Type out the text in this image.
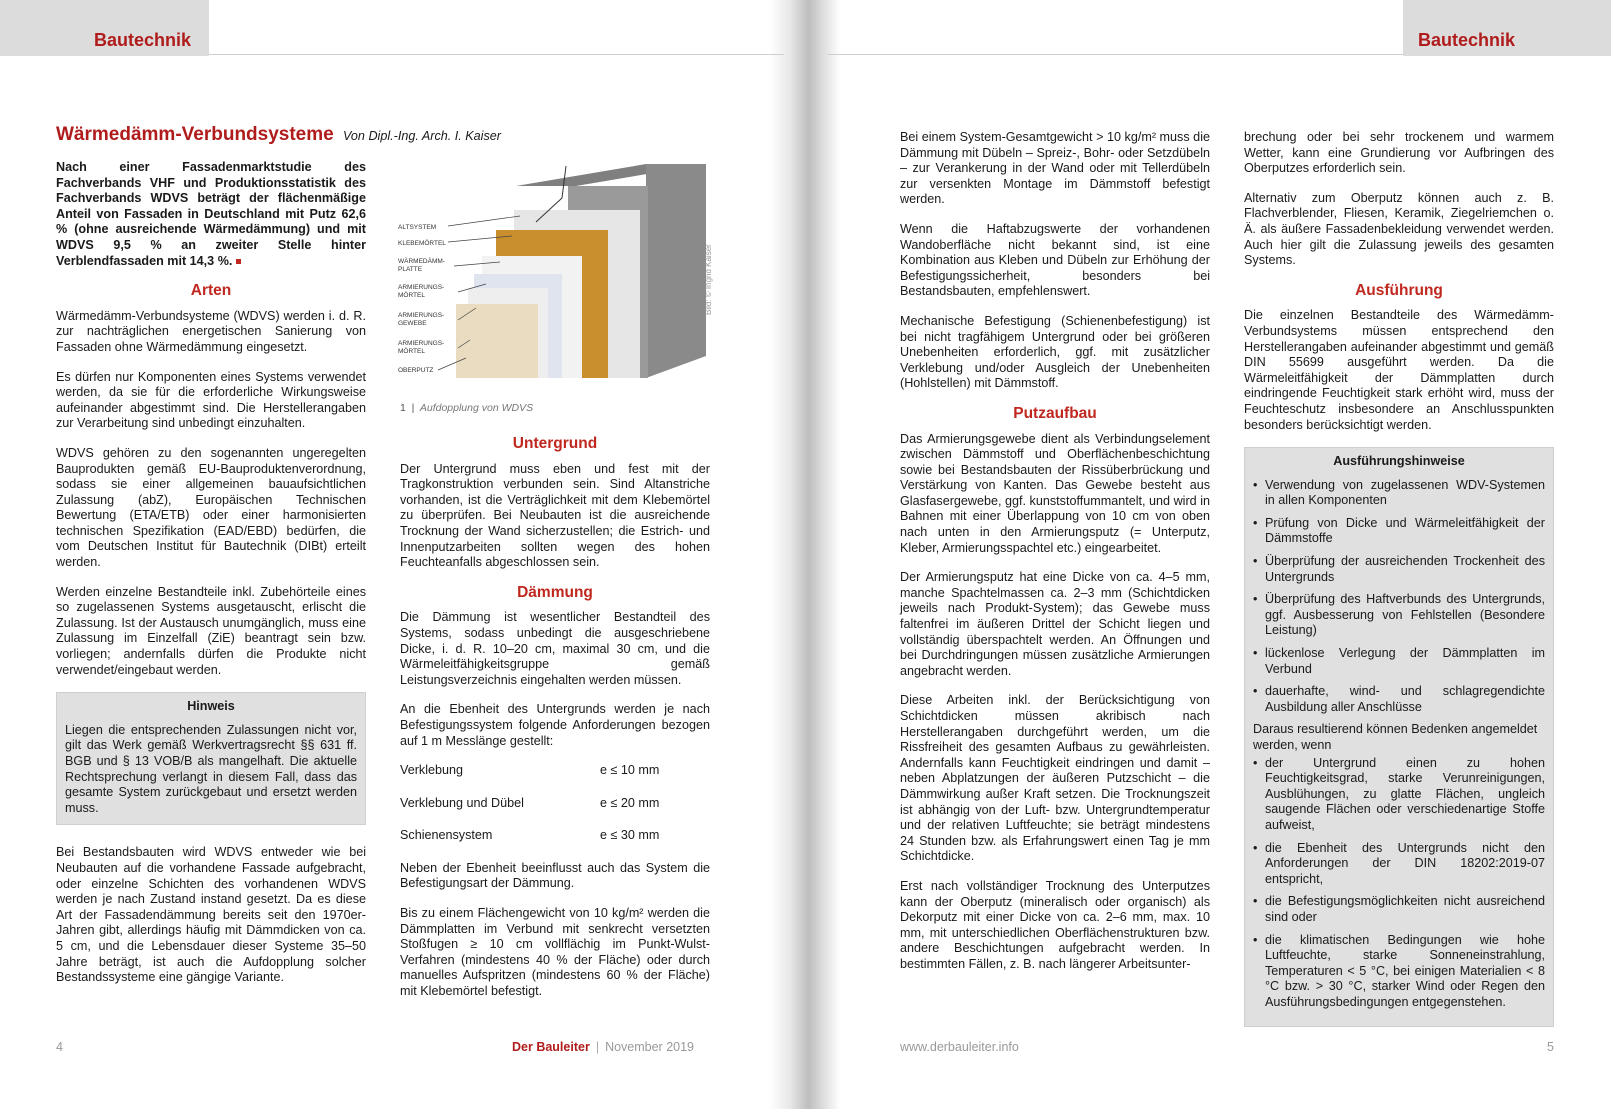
Bautechnik	Bautechnik
Wärmedämm-Verbundsysteme Von Dipl.-Ing. Arch. I. Kaiser

Nach einer Fassadenmarktstudie des Fachverbands VHF und Produktionsstatistik des Fachverbands WDVS beträgt der flächenmäßige Anteil von Fassaden in Deutschland mit Putz 62,6 % (ohne ausreichende Wärmedämmung) und mit WDVS 9,5 % an zweiter Stelle hinter Verblendfassaden mit 14,3 %.

Arten

Wärmedämm-Verbundsysteme (WDVS) werden i. d. R. zur nachträglichen energetischen Sanierung von Fassaden ohne Wärmedämmung eingesetzt.

Es dürfen nur Komponenten eines Systems verwendet werden, da sie für die erforderliche Wirkungsweise aufeinander abgestimmt sind. Die Herstellerangaben zur Verarbeitung sind unbedingt einzuhalten.

WDVS gehören zu den sogenannten ungeregelten Bauprodukten gemäß EU-Bauproduktenverordnung, sodass sie einer allgemeinen bauaufsichtlichen Zulassung (abZ), Europäischen Technischen Bewertung (ETA/ETB) oder einer harmonisierten technischen Spezifikation (EAD/EBD) bedürfen, die vom Deutschen Institut für Bautechnik (DIBt) erteilt werden.

Werden einzelne Bestandteile inkl. Zubehörteile eines so zugelassenen Systems ausgetauscht, erlischt die Zulassung. Ist der Austausch unumgänglich, muss eine Zulassung im Einzelfall (ZiE) beantragt sein bzw. vorliegen; andernfalls dürfen die Produkte nicht verwendet/eingebaut werden.

Hinweis

Liegen die entsprechenden Zulassungen nicht vor, gilt das Werk gemäß Werkvertragsrecht §§ 631 ff. BGB und § 13 VOB/B als mangelhaft. Die aktuelle Rechtsprechung verlangt in diesem Fall, dass das gesamte System zurückgebaut und ersetzt werden muss.

Bei Bestandsbauten wird WDVS entweder wie bei Neubauten auf die vorhandene Fassade aufgebracht, oder einzelne Schichten des vorhandenen WDVS werden je nach Zustand instand gesetzt. Da es diese Art der Fassadendämmung bereits seit den 1970er-Jahren gibt, allerdings häufig mit Dämmdicken von ca. 5 cm, und die Lebensdauer dieser Systeme 35–50 Jahre beträgt, ist auch die Aufdopplung solcher Bestandssysteme eine gängige Variante.

ALTSYSTEM
KLEBEMÖRTEL
WÄRMEDÄMM-
PLATTE
ARMIERUNGS-
MÖRTEL
ARMIERUNGS-
GEWEBE
ARMIERUNGS-
MÖRTEL
OBERPUTZ
Bild: © Ingrid Kaiser
1  |  Aufdopplung von WDVS
Untergrund

Der Untergrund muss eben und fest mit der Tragkonstruktion verbunden sein. Sind Altanstriche vorhanden, ist die Verträglichkeit mit dem Klebemörtel zu überprüfen. Bei Neubauten ist die ausreichende Trocknung der Wand sicherzustellen; die Estrich- und Innenputzarbeiten sollten wegen des hohen Feuchteanfalls abgeschlossen sein.

Dämmung

Die Dämmung ist wesentlicher Bestandteil des Systems, sodass unbedingt die ausgeschriebene Dicke, i. d. R. 10–20 cm, maximal 30 cm, und die Wärmeleitfähigkeitsgruppe gemäß Leistungsverzeichnis eingehalten werden müssen.

An die Ebenheit des Untergrunds werden je nach Befestigungssystem folgende Anforderungen bezogen auf 1 m Messlänge gestellt:

Verklebung	e ≤ 10 mm
Verklebung und Dübel	e ≤ 20 mm
Schienensystem	e ≤ 30 mm

Neben der Ebenheit beeinflusst auch das System die Befestigungsart der Dämmung.

Bis zu einem Flächengewicht von 10 kg/m² werden die Dämmplatten im Verbund mit senkrecht versetzten Stoßfugen ≥ 10 cm vollflächig im Punkt-Wulst-Verfahren (mindestens 40 % der Fläche) oder durch manuelles Aufspritzen (mindestens 60 % der Fläche) mit Klebemörtel befestigt.

Bei einem System-Gesamtgewicht > 10 kg/m² muss die Dämmung mit Dübeln – Spreiz-, Bohr- oder Setzdübeln – zur Verankerung in der Wand oder mit Tellerdübeln zur versenkten Montage im Dämmstoff befestigt werden.

Wenn die Haftabzugswerte der vorhandenen Wandoberfläche nicht bekannt sind, ist eine Kombination aus Kleben und Dübeln zur Erhöhung der Befestigungssicherheit, besonders bei Bestandsbauten, empfehlenswert.

Mechanische Befestigung (Schienenbefestigung) ist bei nicht tragfähigem Untergrund oder bei größeren Unebenheiten erforderlich, ggf. mit zusätzlicher Verklebung und/oder Ausgleich der Unebenheiten (Hohlstellen) mit Dämmstoff.

Putzaufbau

Das Armierungsgewebe dient als Verbindungselement zwischen Dämmstoff und Oberflächenbeschichtung sowie bei Bestandsbauten der Rissüberbrückung und Verstärkung von Kanten. Das Gewebe besteht aus Glasfasergewebe, ggf. kunststoffummantelt, und wird in Bahnen mit einer Überlappung von 10 cm von oben nach unten in den Armierungsputz (= Unterputz, Kleber, Armierungsspachtel etc.) eingearbeitet.

Der Armierungsputz hat eine Dicke von ca. 4–5 mm, manche Spachtelmassen ca. 2–3 mm (Schichtdicken jeweils nach Produkt-System); das Gewebe muss faltenfrei im äußeren Drittel der Schicht liegen und vollständig überspachtelt werden. An Öffnungen und bei Durchdringungen müssen zusätzliche Armierungen angebracht werden.

Diese Arbeiten inkl. der Berücksichtigung von Schichtdicken müssen akribisch nach Herstellerangaben durchgeführt werden, um die Rissfreiheit des gesamten Aufbaus zu gewährleisten. Andernfalls kann Feuchtigkeit eindringen und damit – neben Abplatzungen der äußeren Putzschicht – die Dämmwirkung außer Kraft setzen. Die Trocknungszeit ist abhängig von der Luft- bzw. Untergrundtemperatur und der relativen Luftfeuchte; sie beträgt mindestens 24 Stunden bzw. als Erfahrungswert einen Tag je mm Schichtdicke.

Erst nach vollständiger Trocknung des Unterputzes kann der Oberputz (mineralisch oder organisch) als Dekorputz mit einer Dicke von ca. 2–6 mm, max. 10 mm, mit unterschiedlichen Oberflächenstrukturen bzw. andere Beschichtungen aufgebracht werden. In bestimmten Fällen, z. B. nach längerer Arbeitsunter-

brechung oder bei sehr trockenem und warmem Wetter, kann eine Grundierung vor Aufbringen des Oberputzes erforderlich sein.

Alternativ zum Oberputz können auch z. B. Flachverblender, Fliesen, Keramik, Ziegelriemchen o. Ä. als äußere Fassadenbekleidung verwendet werden. Auch hier gilt die Zulassung jeweils des gesamten Systems.

Ausführung

Die einzelnen Bestandteile des Wärmedämm-Verbundsystems müssen entsprechend den Herstellerangaben aufeinander abgestimmt und gemäß DIN 55699 ausgeführt werden. Da die Wärmeleitfähigkeit der Dämmplatten durch eindringende Feuchtigkeit stark erhöht wird, muss der Feuchteschutz insbesondere an Anschlusspunkten besonders berücksichtigt werden.

Ausführungshinweise
• Verwendung von zugelassenen WDV-Systemen in allen Komponenten
• Prüfung von Dicke und Wärmeleitfähigkeit der Dämmstoffe
• Überprüfung der ausreichenden Trockenheit des Untergrunds
• Überprüfung des Haftverbunds des Untergrunds, ggf. Ausbesserung von Fehlstellen (Besondere Leistung)
• lückenlose Verlegung der Dämmplatten im Verbund
• dauerhafte, wind- und schlagregendichte Ausbildung aller Anschlüsse
Daraus resultierend können Bedenken angemeldet werden, wenn
• der Untergrund einen zu hohen Feuchtigkeitsgrad, starke Verunreinigungen, Ausblühungen, zu glatte Flächen, ungleich saugende Flächen oder verschiedenartige Stoffe aufweist,
• die Ebenheit des Untergrunds nicht den Anforderungen der DIN 18202:2019-07 entspricht,
• die Befestigungsmöglichkeiten nicht ausreichend sind oder
• die klimatischen Bedingungen wie hohe Luftfeuchte, starke Sonneneinstrahlung, Temperaturen < 5 °C, bei einigen Materialien < 8 °C bzw. > 30 °C, starker Wind oder Regen den Ausführungsbedingungen entgegenstehen.
4	Der Bauleiter | November 2019	www.derbauleiter.info	5
